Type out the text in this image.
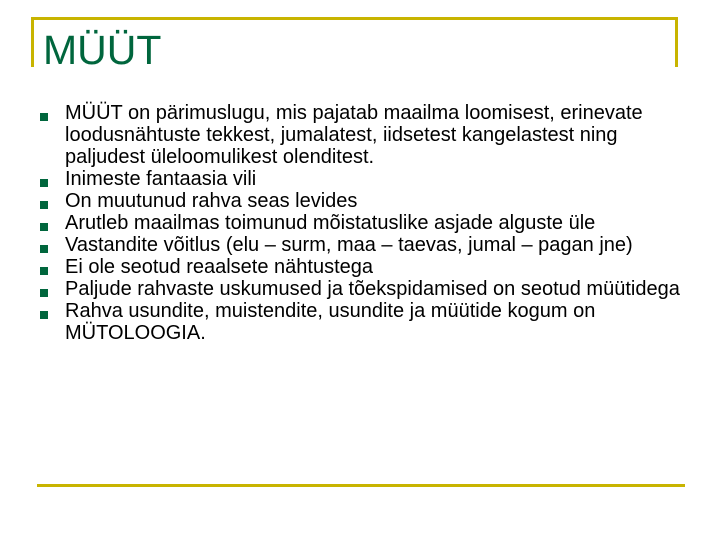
MÜÜT
MÜÜT on pärimuslugu, mis pajatab maailma loomisest, erinevate loodusnähtuste tekkest, jumalatest, iidsetest kangelastest ning paljudest üleloomulikest olenditest.
Inimeste fantaasia vili
On muutunud rahva seas levides
Arutleb maailmas toimunud mõistatuslike asjade alguste üle
Vastandite võitlus (elu – surm, maa – taevas, jumal – pagan jne)
Ei ole seotud reaalsete nähtustega
Paljude rahvaste uskumused ja tõekspidamised on seotud müütidega
Rahva usundite, muistendite, usundite ja müütide kogum on MÜTOLOOGIA.
